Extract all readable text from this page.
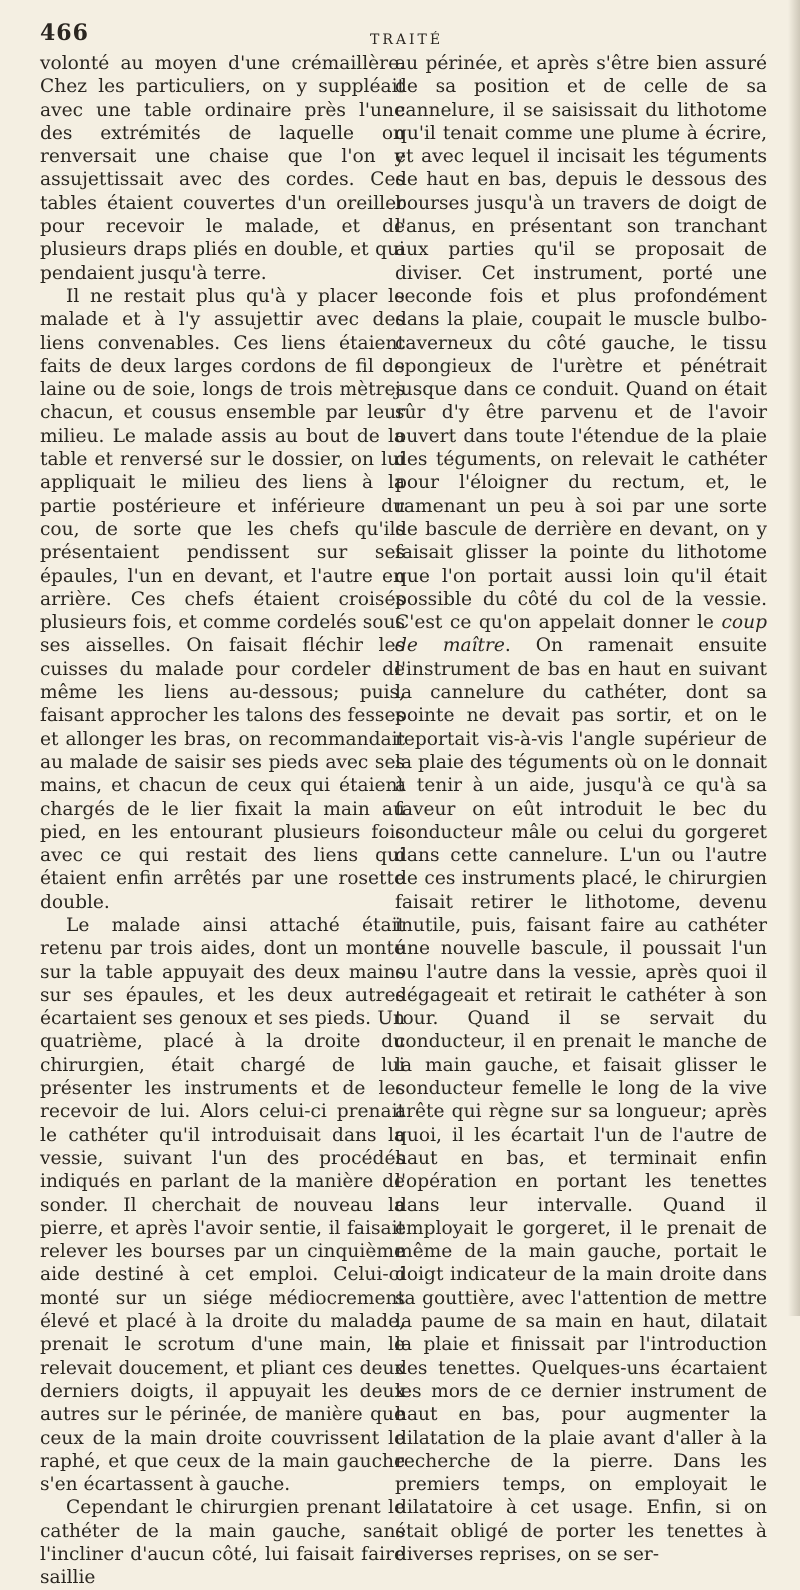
466	TRAITÉ

volonté au moyen d'une crémaillère. Chez les particuliers, on y suppléait avec une table ordinaire près l'une des extrémités de laquelle on renversait une chaise que l'on y assujettissait avec des cordes. Ces tables étaient couvertes d'un oreiller pour recevoir le malade, et de plusieurs draps pliés en double, et qui pendaient jusqu'à terre.

Il ne restait plus qu'à y placer le malade et à l'y assujettir avec des liens convenables. Ces liens étaient faits de deux larges cordons de fil de laine ou de soie, longs de trois mètres chacun, et cousus ensemble par leur milieu. Le malade assis au bout de la table et renversé sur le dossier, on lui appliquait le milieu des liens à la partie postérieure et inférieure du cou, de sorte que les chefs qu'ils présentaient pendissent sur ses épaules, l'un en devant, et l'autre en arrière. Ces chefs étaient croisés plusieurs fois, et comme cordelés sous ses aisselles. On faisait fléchir les cuisses du malade pour cordeler de même les liens au-dessous; puis, faisant approcher les talons des fesses et allonger les bras, on recommandait au malade de saisir ses pieds avec ses mains, et chacun de ceux qui étaient chargés de le lier fixait la main au pied, en les entourant plusieurs fois avec ce qui restait des liens qui étaient enfin arrêtés par une rosette double.

Le malade ainsi attaché était retenu par trois aides, dont un monté sur la table appuyait des deux mains sur ses épaules, et les deux autres écartaient ses genoux et ses pieds. Un quatrième, placé à la droite du chirurgien, était chargé de lui présenter les instruments et de les recevoir de lui. Alors celui-ci prenait le cathéter qu'il introduisait dans la vessie, suivant l'un des procédés indiqués en parlant de la manière de sonder. Il cherchait de nouveau la pierre, et après l'avoir sentie, il faisait relever les bourses par un cinquième aide destiné à cet emploi. Celui-ci monté sur un siége médiocrement élevé et placé à la droite du malade, prenait le scrotum d'une main, le relevait doucement, et pliant ces deux derniers doigts, il appuyait les deux autres sur le périnée, de manière que ceux de la main droite couvrissent le raphé, et que ceux de la main gauche s'en écartassent à gauche.

Cependant le chirurgien prenant le cathéter de la main gauche, sans l'incliner d'aucun côté, lui faisait faire saillie

au périnée, et après s'être bien assuré de sa position et de celle de sa cannelure, il se saisissait du lithotome qu'il tenait comme une plume à écrire, et avec lequel il incisait les téguments de haut en bas, depuis le dessous des bourses jusqu'à un travers de doigt de l'anus, en présentant son tranchant aux parties qu'il se proposait de diviser. Cet instrument, porté une seconde fois et plus profondément dans la plaie, coupait le muscle bulbo-caverneux du côté gauche, le tissu spongieux de l'urètre et pénétrait jusque dans ce conduit. Quand on était sûr d'y être parvenu et de l'avoir ouvert dans toute l'étendue de la plaie des téguments, on relevait le cathéter pour l'éloigner du rectum, et, le ramenant un peu à soi par une sorte de bascule de derrière en devant, on y faisait glisser la pointe du lithotome que l'on portait aussi loin qu'il était possible du côté du col de la vessie. C'est ce qu'on appelait donner le coup de maître. On ramenait ensuite l'instrument de bas en haut en suivant la cannelure du cathéter, dont sa pointe ne devait pas sortir, et on le reportait vis-à-vis l'angle supérieur de la plaie des téguments où on le donnait à tenir à un aide, jusqu'à ce qu'à sa faveur on eût introduit le bec du conducteur mâle ou celui du gorgeret dans cette cannelure. L'un ou l'autre de ces instruments placé, le chirurgien faisait retirer le lithotome, devenu inutile, puis, faisant faire au cathéter une nouvelle bascule, il poussait l'un ou l'autre dans la vessie, après quoi il dégageait et retirait le cathéter à son tour. Quand il se servait du conducteur, il en prenait le manche de la main gauche, et faisait glisser le conducteur femelle le long de la vive arête qui règne sur sa longueur; après quoi, il les écartait l'un de l'autre de haut en bas, et terminait enfin l'opération en portant les tenettes dans leur intervalle. Quand il employait le gorgeret, il le prenait de même de la main gauche, portait le doigt indicateur de la main droite dans sa gouttière, avec l'attention de mettre la paume de sa main en haut, dilatait la plaie et finissait par l'introduction des tenettes. Quelques-uns écartaient les mors de ce dernier instrument de haut en bas, pour augmenter la dilatation de la plaie avant d'aller à la recherche de la pierre. Dans les premiers temps, on employait le dilatatoire à cet usage. Enfin, si on était obligé de porter les tenettes à diverses reprises, on se ser-
